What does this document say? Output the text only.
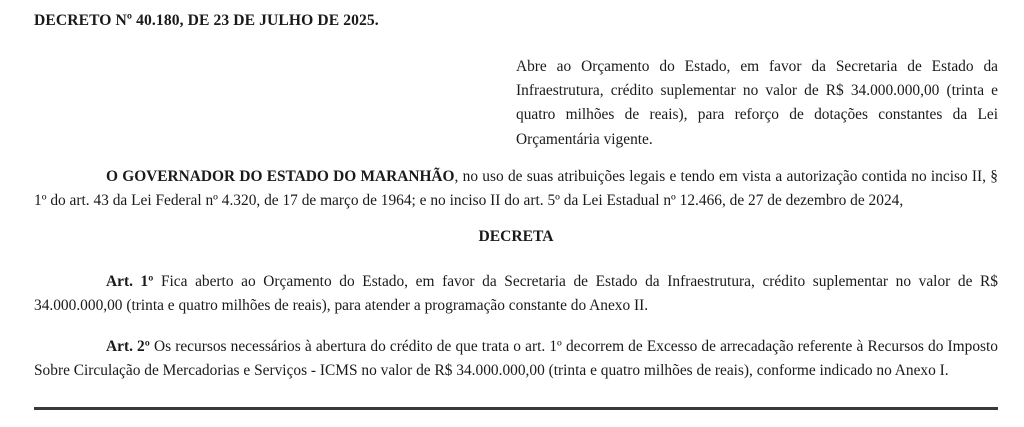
DECRETO Nº 40.180, DE 23 DE JULHO DE 2025.
Abre ao Orçamento do Estado, em favor da Secretaria de Estado da Infraestrutura, crédito suplementar no valor de R$ 34.000.000,00 (trinta e quatro milhões de reais), para reforço de dotações constantes da Lei Orçamentária vigente.
O GOVERNADOR DO ESTADO DO MARANHÃO, no uso de suas atribuições legais e tendo em vista a autorização contida no inciso II, § 1º do art. 43 da Lei Federal nº 4.320, de 17 de março de 1964; e no inciso II do art. 5º da Lei Estadual nº 12.466, de 27 de dezembro de 2024,
DECRETA
Art. 1º Fica aberto ao Orçamento do Estado, em favor da Secretaria de Estado da Infraestrutura, crédito suplementar no valor de R$ 34.000.000,00 (trinta e quatro milhões de reais), para atender a programação constante do Anexo II.
Art. 2º Os recursos necessários à abertura do crédito de que trata o art. 1º decorrem de Excesso de arrecadação referente à Recursos do Imposto Sobre Circulação de Mercadorias e Serviços - ICMS no valor de R$ 34.000.000,00 (trinta e quatro milhões de reais), conforme indicado no Anexo I.
